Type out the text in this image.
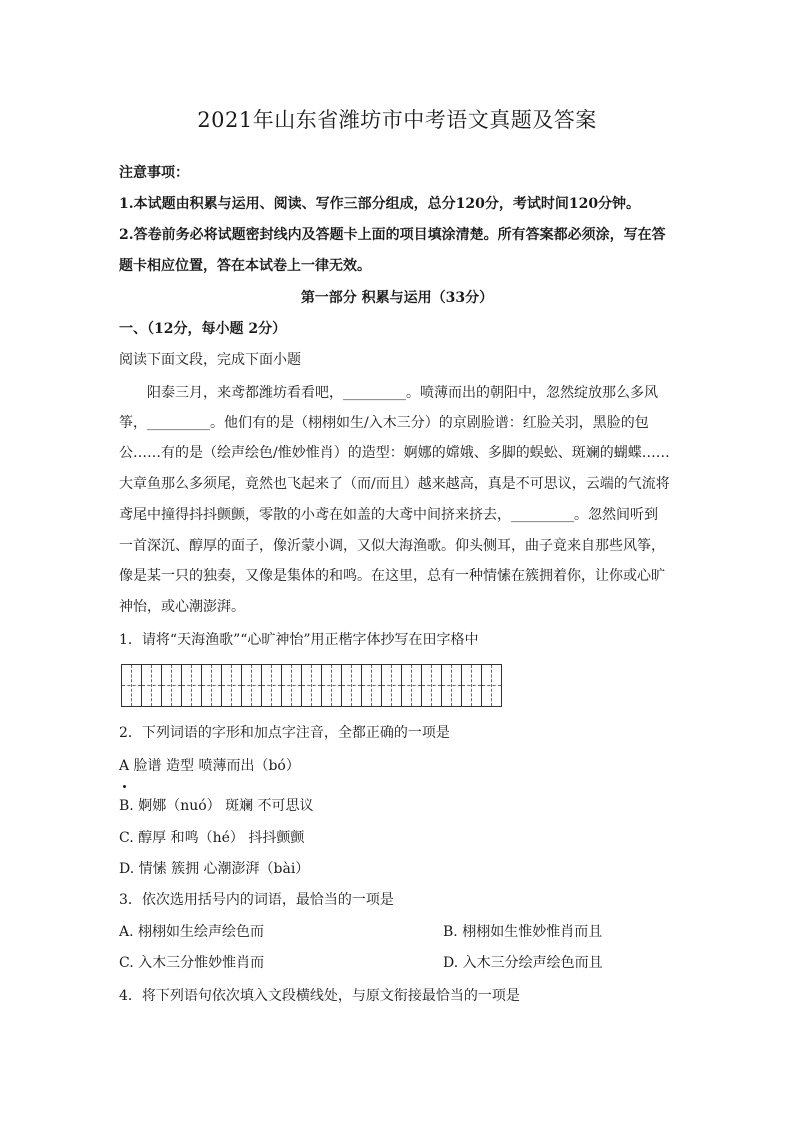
2021年山东省潍坊市中考语文真题及答案
注意事项：
1.本试题由积累与运用、阅读、写作三部分组成，总分120分，考试时间120分钟。
2.答卷前务必将试题密封线内及答题卡上面的项目填涂清楚。所有答案都必须涂，写在答
题卡相应位置，答在本试卷上一律无效。
第一部分 积累与运用（33分）
一、（12分，每小题 2分）
阅读下面文段，完成下面小题
　　阳泰三月，来鸢都潍坊看看吧，_________。喷薄而出的朝阳中，忽然绽放那么多风
筝，_________。他们有的是（栩栩如生/入木三分）的京剧脸谱：红脸关羽，黑脸的包
公……有的是（绘声绘色/惟妙惟肖）的造型：婀娜的嫦娥、多脚的蜈蚣、斑斓的蝴蝶……
大章鱼那么多须尾，竟然也飞起来了（而/而且）越来越高，真是不可思议，云端的气流将
鸢尾中撞得抖抖颤颤，零散的小鸢在如盖的大鸢中间挤来挤去，_________。忽然间听到
一首深沉、醇厚的面子，像沂蒙小调，又似大海渔歌。仰头侧耳，曲子竟来自那些风筝，
像是某一只的独奏，又像是集体的和鸣。在这里，总有一种情愫在簇拥着你，让你或心旷
神怡，或心潮澎湃。
1．请将“天海渔歌”“心旷神怡”用正楷字体抄写在田字格中
2．下列词语的字形和加点字注音，全都正确的一项是
A 脸谱 造型 喷薄而出（bó）
B. 婀娜（nuó） 斑斓 不可思议
C. 醇厚 和鸣（hé） 抖抖颤颤
D. 情愫 簇拥 心潮澎湃（bài）
3．依次选用括号内的词语，最恰当的一项是
A. 栩栩如生绘声绘色而	B. 栩栩如生惟妙惟肖而且
C. 入木三分惟妙惟肖而	D. 入木三分绘声绘色而且
4．将下列语句依次填入文段横线处，与原文衔接最恰当的一项是
